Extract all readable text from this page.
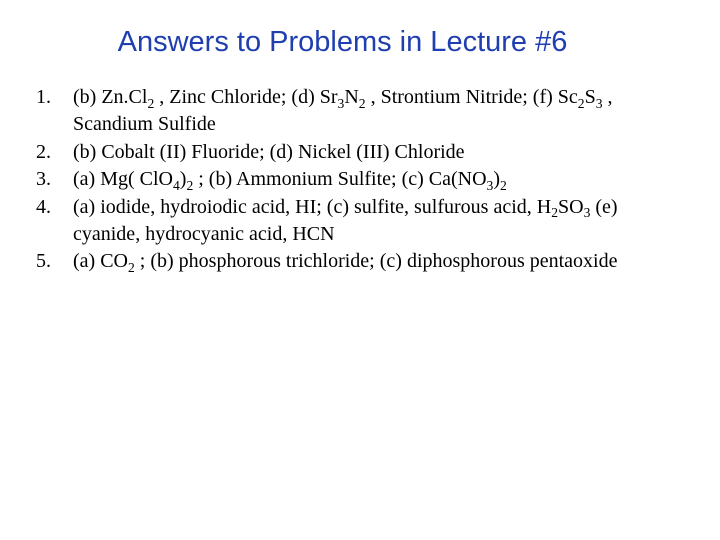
Answers to Problems in Lecture #6
1. (b) $Zn.Cl_2$ , Zinc Chloride; (d) $Sr_3N_2$ , Strontium Nitride; (f) $Sc_2S_3$ , Scandium Sulfide
2. (b) Cobalt (II) Fluoride; (d) Nickel (III) Chloride
3. (a) Mg( $ClO_4)_2$ ; (b) Ammonium Sulfite; (c) $Ca(NO_3)_2$
4. (a) iodide, hydroiodic acid, HI; (c) sulfite, sulfurous acid, $H_2SO_3$ (e) cyanide, hydrocyanic acid, HCN
5. (a) $CO_2$ ; (b) phosphorous trichloride; (c) diphosphorous pentaoxide
